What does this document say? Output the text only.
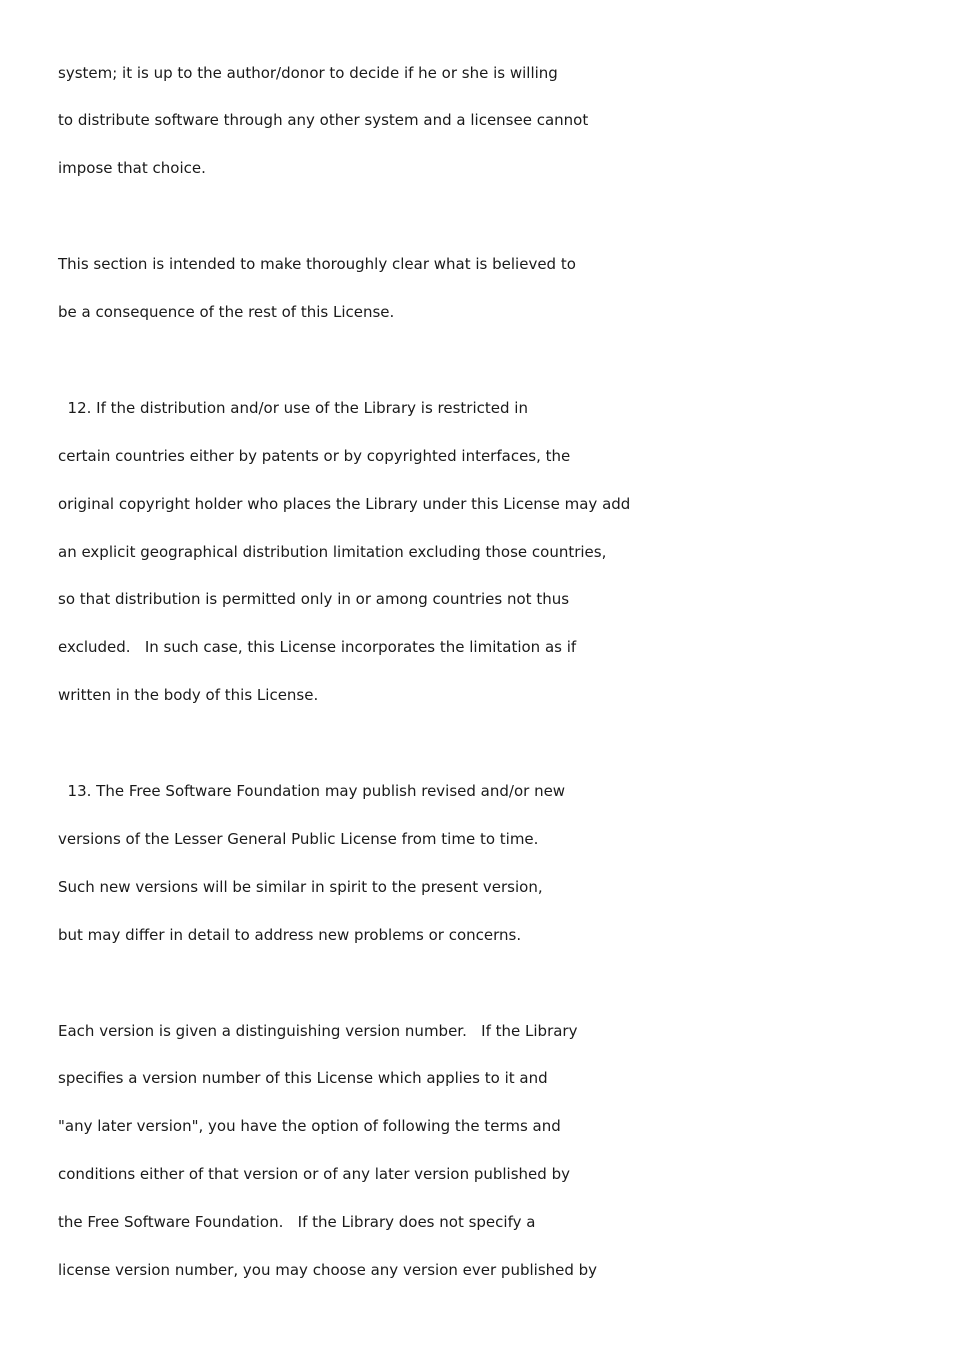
system; it is up to the author/donor to decide if he or she is willing
to distribute software through any other system and a licensee cannot
impose that choice.
This section is intended to make thoroughly clear what is believed to
be a consequence of the rest of this License.
12. If the distribution and/or use of the Library is restricted in
certain countries either by patents or by copyrighted interfaces, the
original copyright holder who places the Library under this License may add
an explicit geographical distribution limitation excluding those countries,
so that distribution is permitted only in or among countries not thus
excluded.   In such case, this License incorporates the limitation as if
written in the body of this License.
13. The Free Software Foundation may publish revised and/or new
versions of the Lesser General Public License from time to time.
Such new versions will be similar in spirit to the present version,
but may differ in detail to address new problems or concerns.
Each version is given a distinguishing version number.   If the Library
specifies a version number of this License which applies to it and
"any later version", you have the option of following the terms and
conditions either of that version or of any later version published by
the Free Software Foundation.   If the Library does not specify a
license version number, you may choose any version ever published by
